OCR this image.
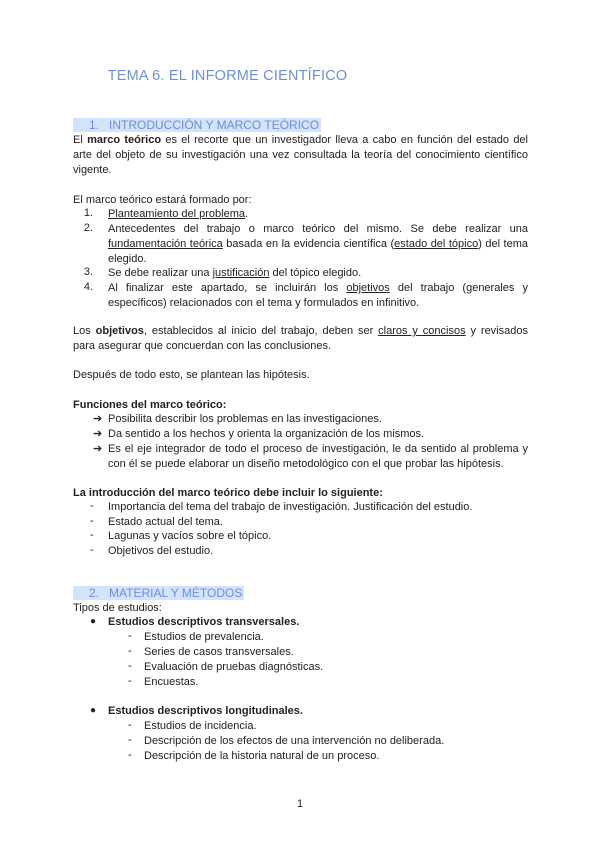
TEMA 6. EL INFORME CIENTÍFICO
1. INTRODUCCIÓN Y MARCO TEÓRICO
El marco teórico es el recorte que un investigador lleva a cabo en función del estado del arte del objeto de su investigación una vez consultada la teoría del conocimiento científico vigente.
El marco teórico estará formado por:
1. Planteamiento del problema.
2. Antecedentes del trabajo o marco teórico del mismo. Se debe realizar una fundamentación teórica basada en la evidencia científica (estado del tópico) del tema elegido.
3. Se debe realizar una justificación del tópico elegido.
4. Al finalizar este apartado, se incluirán los objetivos del trabajo (generales y específicos) relacionados con el tema y formulados en infinitivo.
Los objetivos, establecidos al inicio del trabajo, deben ser claros y concisos y revisados para asegurar que concuerdan con las conclusiones.
Después de todo esto, se plantean las hipótesis.
Funciones del marco teórico:
➔ Posibilita describir los problemas en las investigaciones.
➔ Da sentido a los hechos y orienta la organización de los mismos.
➔ Es el eje integrador de todo el proceso de investigación, le da sentido al problema y con él se puede elaborar un diseño metodológico con el que probar las hipótesis.
La introducción del marco teórico debe incluir lo siguiente:
- Importancia del tema del trabajo de investigación. Justificación del estudio.
- Estado actual del tema.
- Lagunas y vacíos sobre el tópico.
- Objetivos del estudio.
2. MATERIAL Y MÉTODOS
Tipos de estudios:
● Estudios descriptivos transversales.
- Estudios de prevalencia.
- Series de casos transversales.
- Evaluación de pruebas diagnósticas.
- Encuestas.
● Estudios descriptivos longitudinales.
- Estudios de incidencia.
- Descripción de los efectos de una intervención no deliberada.
- Descripción de la historia natural de un proceso.
1
